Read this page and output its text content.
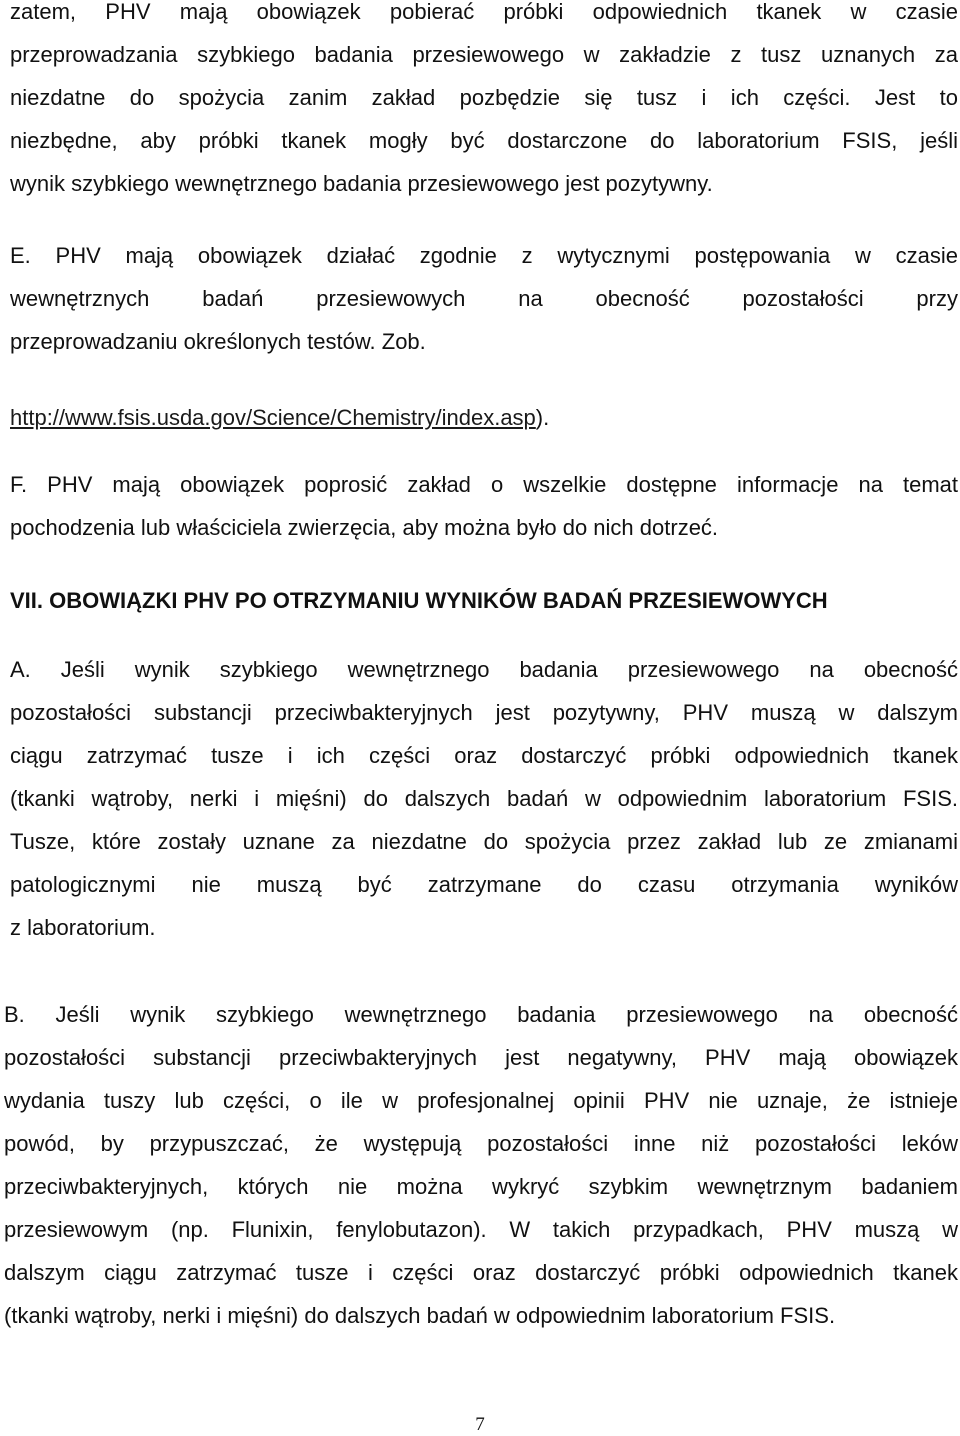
zatem, PHV mają obowiązek pobierać próbki odpowiednich tkanek w czasie
przeprowadzania szybkiego badania przesiewowego w zakładzie z tusz uznanych za
niezdatne do spożycia zanim zakład pozbędzie się tusz i ich części. Jest to
niezbędne, aby próbki tkanek mogły być dostarczone do laboratorium FSIS, jeśli
wynik szybkiego wewnętrznego badania przesiewowego jest pozytywny.
E. PHV mają obowiązek działać zgodnie z wytycznymi postępowania w czasie
wewnętrznych badań przesiewowych na obecność pozostałości przy
przeprowadzaniu określonych testów. Zob.
http://www.fsis.usda.gov/Science/Chemistry/index.asp).
F. PHV mają obowiązek poprosić zakład o wszelkie dostępne informacje na temat
pochodzenia lub właściciela zwierzęcia, aby można było do nich dotrzeć.
VII. OBOWIĄZKI PHV PO OTRZYMANIU WYNIKÓW BADAŃ PRZESIEWOWYCH
A. Jeśli wynik szybkiego wewnętrznego badania przesiewowego na obecność
pozostałości substancji przeciwbakteryjnych jest pozytywny, PHV muszą w dalszym
ciągu zatrzymać tusze i ich części oraz dostarczyć próbki odpowiednich tkanek
(tkanki wątroby, nerki i mięśni) do dalszych badań w odpowiednim laboratorium FSIS.
Tusze, które zostały uznane za niezdatne do spożycia przez zakład lub ze zmianami
patologicznymi nie muszą być zatrzymane do czasu otrzymania wyników
z laboratorium.
B. Jeśli wynik szybkiego wewnętrznego badania przesiewowego na obecność
pozostałości substancji przeciwbakteryjnych jest negatywny, PHV mają obowiązek
wydania tuszy lub części, o ile w profesjonalnej opinii PHV nie uznaje, że istnieje
powód, by przypuszczać, że występują pozostałości inne niż pozostałości leków
przeciwbakteryjnych, których nie można wykryć szybkim wewnętrznym badaniem
przesiewowym (np. Flunixin, fenylobutazon). W takich przypadkach, PHV muszą w
dalszym ciągu zatrzymać tusze i części oraz dostarczyć próbki odpowiednich tkanek
(tkanki wątroby, nerki i mięśni) do dalszych badań w odpowiednim laboratorium FSIS.
7
